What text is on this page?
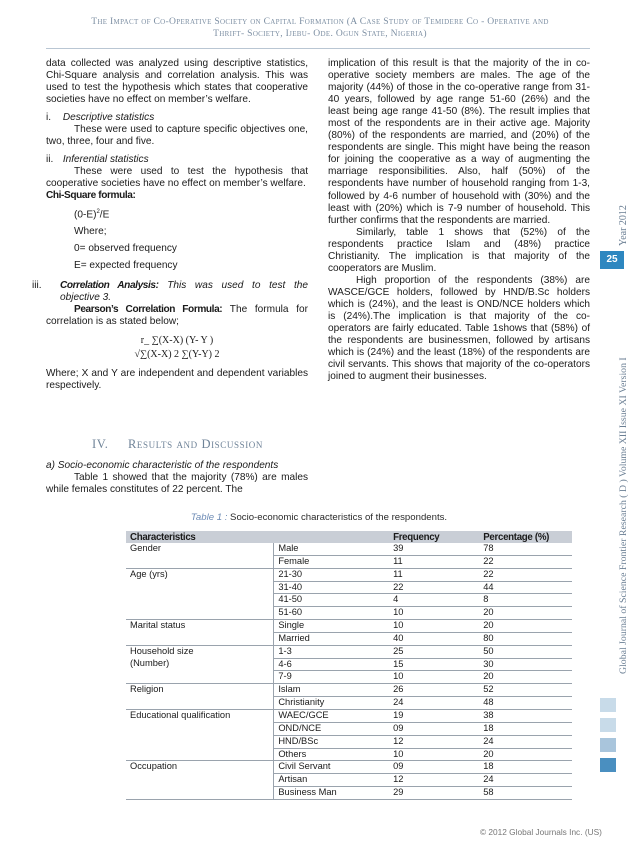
The Impact of Co-Operative Society on Capital Formation (A Case Study of Temidere Co - Operative and
Thrift- Society, Ijebu- Ode. Ogun State, Nigeria)

data collected was analyzed using descriptive statistics, Chi-Square analysis and correlation analysis. This was used to test the hypothesis which states that cooperative societies have no effect on member’s welfare.

i. Descriptive statistics

These were used to capture specific objectives one, two, three, four and five.

ii. Inferential statistics

These were used to test the hypothesis that cooperative societies have no effect on member’s welfare.

Chi-Square formula:

$(0-E)^2/E$

Where;

0= observed frequency

E= expected frequency

iii. Correlation Analysis: This was used to test the objective 3.

Pearson’s Correlation Formula: The formula for correlation is as stated below;

r_ ∑(X-X) (Y- Y )
√∑(X-X) 2 ∑(Y-Y) 2

Where; X and Y are independent and dependent variables respectively.

IV. Results and Discussion

a) Socio-economic characteristic of the respondents

Table 1 showed that the majority (78%) are males while females constitutes of 22 percent. The

implication of this result is that the majority of the in co-operative society members are males. The age of the majority (44%) of those in the co-operative range from 31-40 years, followed by age range 51-60 (26%) and the least being age range 41-50 (8%). The result implies that most of the respondents are in their active age. Majority (80%) of the respondents are married, and (20%) of the respondents are single. This might have being the reason for joining the cooperative as a way of augmenting the marriage responsibilities. Also, half (50%) of the respondents have number of household ranging from 1-3, followed by 4-6 number of household with (30%) and the least with (20%) which is 7-9 number of household. This further confirms that the respondents are married.

Similarly, table 1 shows that (52%) of the respondents practice Islam and (48%) practice Christianity. The implication is that majority of the cooperators are Muslim.

High proportion of the respondents (38%) are WASCE/GCE holders, followed by HND/B.Sc holders which is (24%), and the least is OND/NCE holders which is (24%).The implication is that majority of the co-operators are fairly educated. Table 1shows that (58%) of the respondents are businessmen, followed by artisans which is (24%) and the least (18%) of the respondents are civil servants. This shows that majority of the co-operators joined to augment their businesses.

Table 1 : Socio-economic characteristics of the respondents.
Characteristics		Frequency	Percentage (%)
Gender	Male	39	78
	Female	11	22
Age (yrs)	21-30	11	22
	31-40	22	44
	41-50	4	8
	51-60	10	20
Marital status	Single	10	20
	Married	40	80
Household size	1-3	25	50
(Number)	4-6	15	30
	7-9	10	20
Religion	Islam	26	52
	Christianity	24	48
Educational qualification	WAEC/GCE	19	38
	OND/NCE	09	18
	HND/BSc	12	24
	Others	10	20
Occupation	Civil Servant	09	18
	Artisan	12	24
	Business Man	29	58
Global Journal of Science Frontier Research ( D ) Volume XII Issue XI Version I
Year 2012
25
© 2012 Global Journals Inc. (US)
